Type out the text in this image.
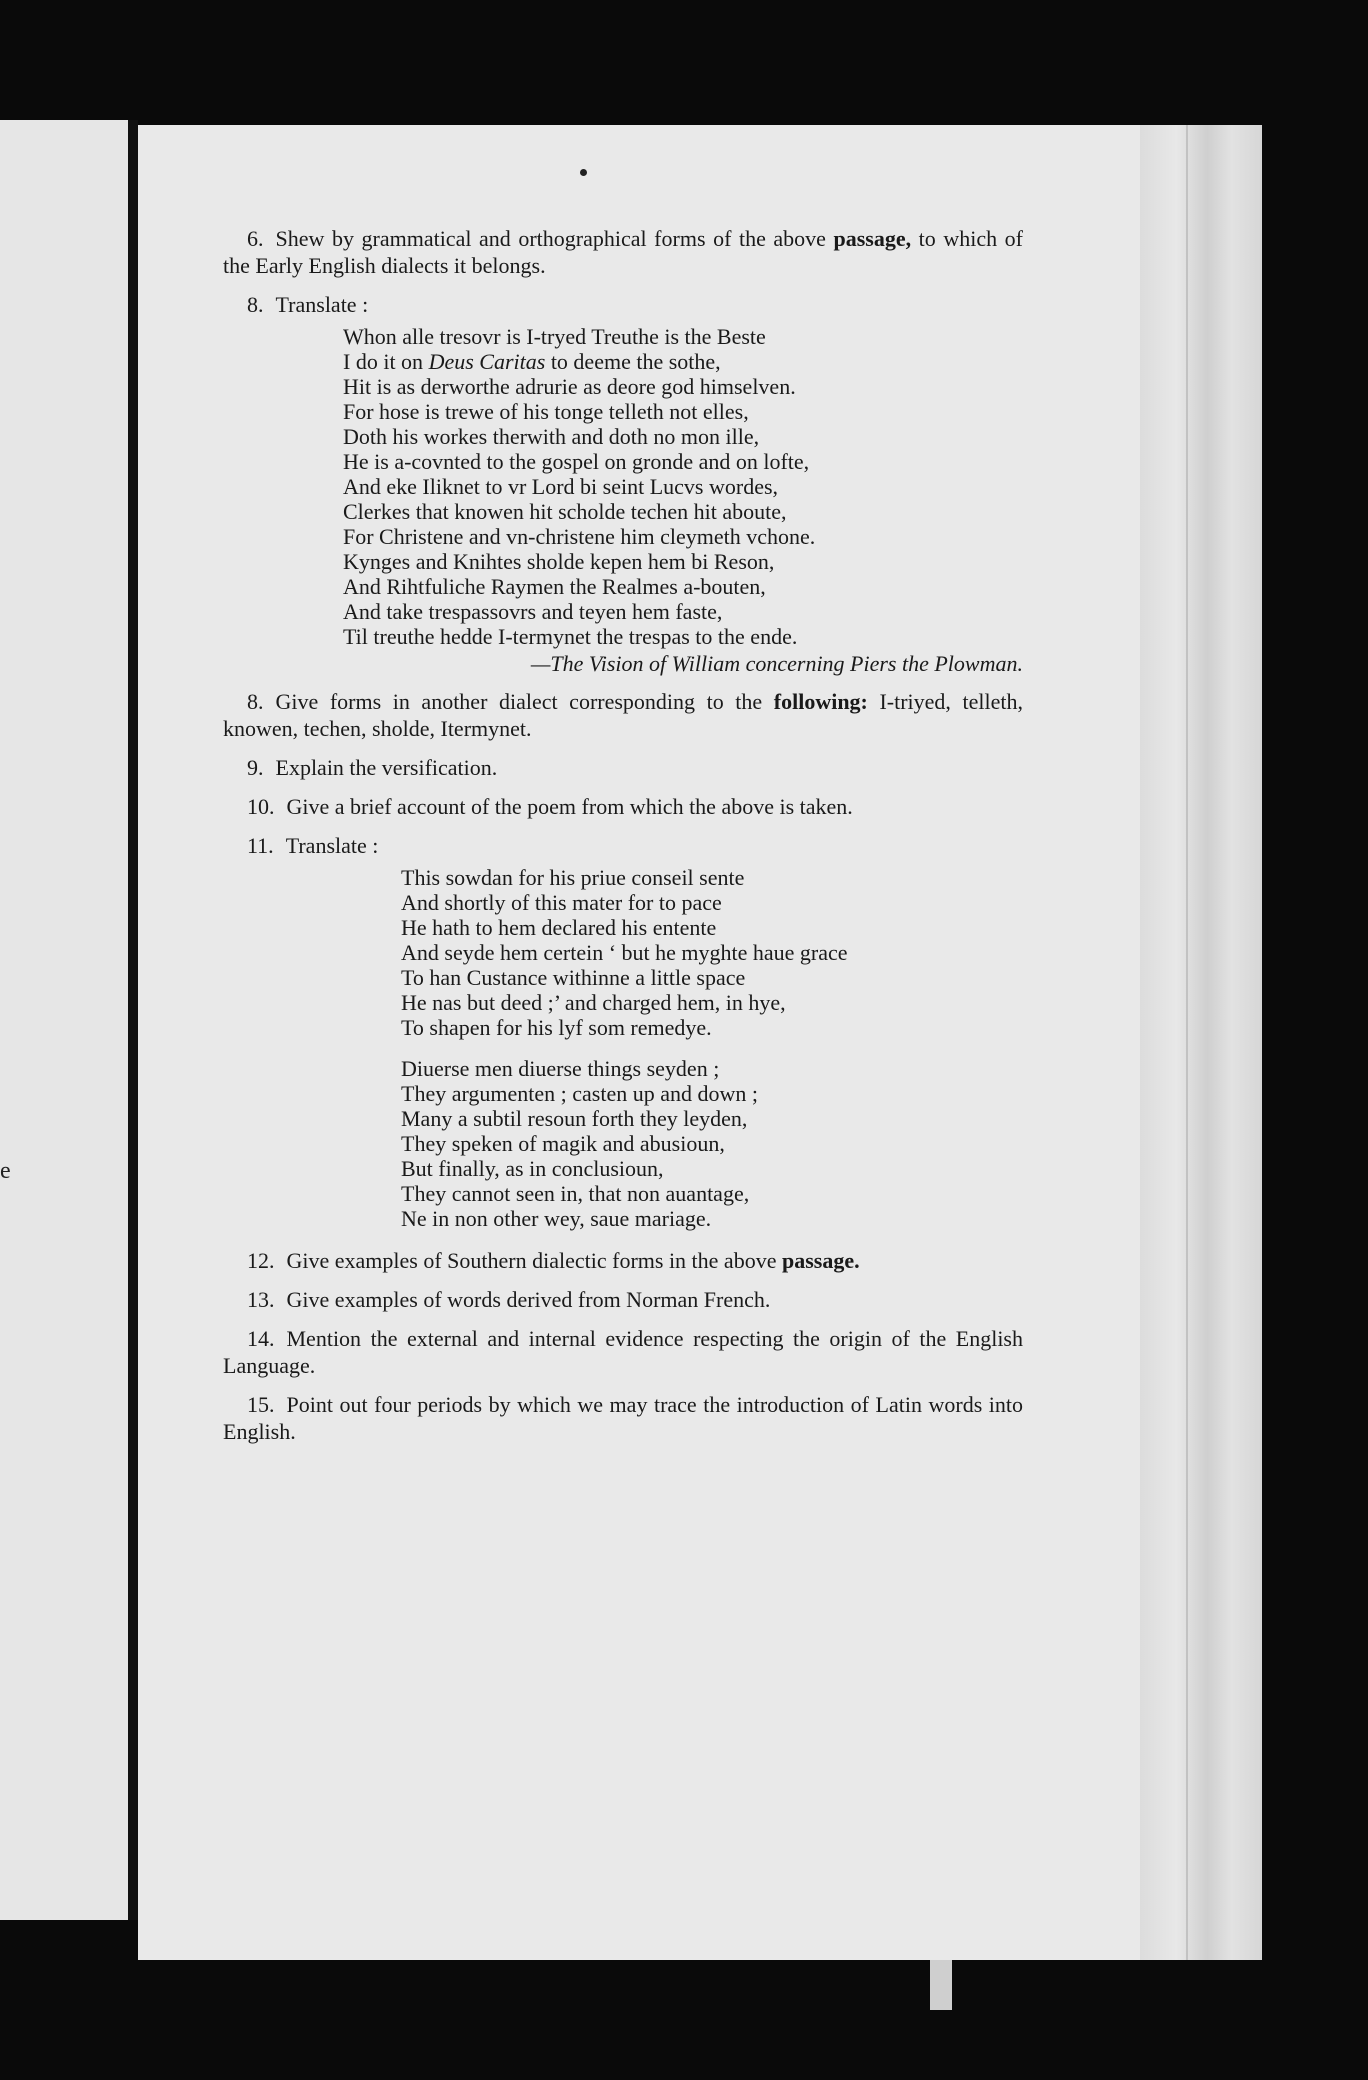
e

6. Shew by grammatical and orthographical forms of the above passage, to which of the Early English dialects it belongs.

8. Translate :

Whon alle tresovr is I-tryed Treuthe is the Beste
I do it on Deus Caritas to deeme the sothe,
Hit is as derworthe adrurie as deore god himselven.
For hose is trewe of his tonge telleth not elles,
Doth his workes therwith and doth no mon ille,
He is a-covnted to the gospel on gronde and on lofte,
And eke Iliknet to vr Lord bi seint Lucvs wordes,
Clerkes that knowen hit scholde techen hit aboute,
For Christene and vn-christene him cleymeth vchone.
Kynges and Knihtes sholde kepen hem bi Reson,
And Rihtfuliche Raymen the Realmes a-bouten,
And take trespassovrs and teyen hem faste,
Til treuthe hedde I-termynet the trespas to the ende.
—The Vision of William concerning Piers the Plowman.

8. Give forms in another dialect corresponding to the following: I-triyed, telleth, knowen, techen, sholde, Itermynet.

9. Explain the versification.

10. Give a brief account of the poem from which the above is taken.

11. Translate :

This sowdan for his priue conseil sente
And shortly of this mater for to pace
He hath to hem declared his entente
And seyde hem certein ‘ but he myghte haue grace
To han Custance withinne a little space
He nas but deed ;’ and charged hem, in hye,
To shapen for his lyf som remedye.
Diuerse men diuerse things seyden ;
They argumenten ; casten up and down ;
Many a subtil resoun forth they leyden,
They speken of magik and abusioun,
But finally, as in conclusioun,
They cannot seen in, that non auantage,
Ne in non other wey, saue mariage.

12. Give examples of Southern dialectic forms in the above passage.

13. Give examples of words derived from Norman French.

14. Mention the external and internal evidence respecting the origin of the English Language.

15. Point out four periods by which we may trace the introduction of Latin words into English.
